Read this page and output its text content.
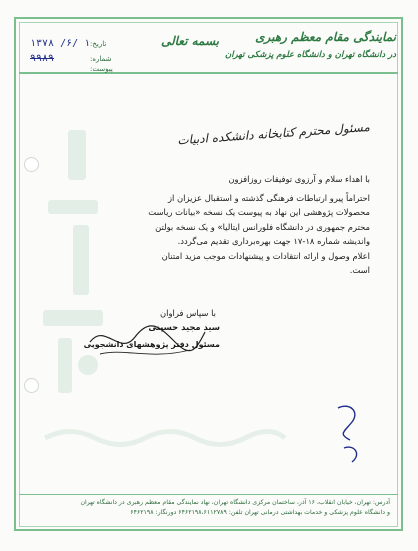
تاریخ:
شماره:
پیوست:
۱۳۷۸ /۶/ ۱
۹۹۸۹
بسمه تعالی	نمایندگی مقام معظم رهبری
در دانشگاه تهران و دانشگاه علوم پزشکی تهران
مسئول محترم کتابخانه دانشکده ادبیات

با اهداء سلام و آرزوی توفیقات روزافزون

احتراماً پیرو ارتباطات فرهنگی گذشته و استقبال عزیزان از

محصولات پژوهشی این نهاد به پیوست یک نسخه «بیانات ریاست

محترم جمهوری در دانشگاه فلورانس ایتالیا» و یک نسخه بولتن

واندیشه شماره ۱۸-۱۷ جهت بهره‌برداری تقدیم می‌گردد.

اعلام وصول و ارائه انتقادات و پیشنهادات موجب مزید امتنان

است.

با سپاس فراوان
سید مجید حسینی
مسئول دفتر پژوهشهای دانشجویی
آدرس: تهران، خیابان انقلاب، ۱۶ آذر، ساختمان مرکزی دانشگاه تهران، نهاد نمایندگی مقام معظم رهبری در دانشگاه تهران
و دانشگاه علوم پزشکی و خدمات بهداشتی درمانی تهران تلفن: ۶۴۶۲۱۹۸،۶۱۱۲۷۸۹ دورنگار: ۶۴۶۲۱۹۸
